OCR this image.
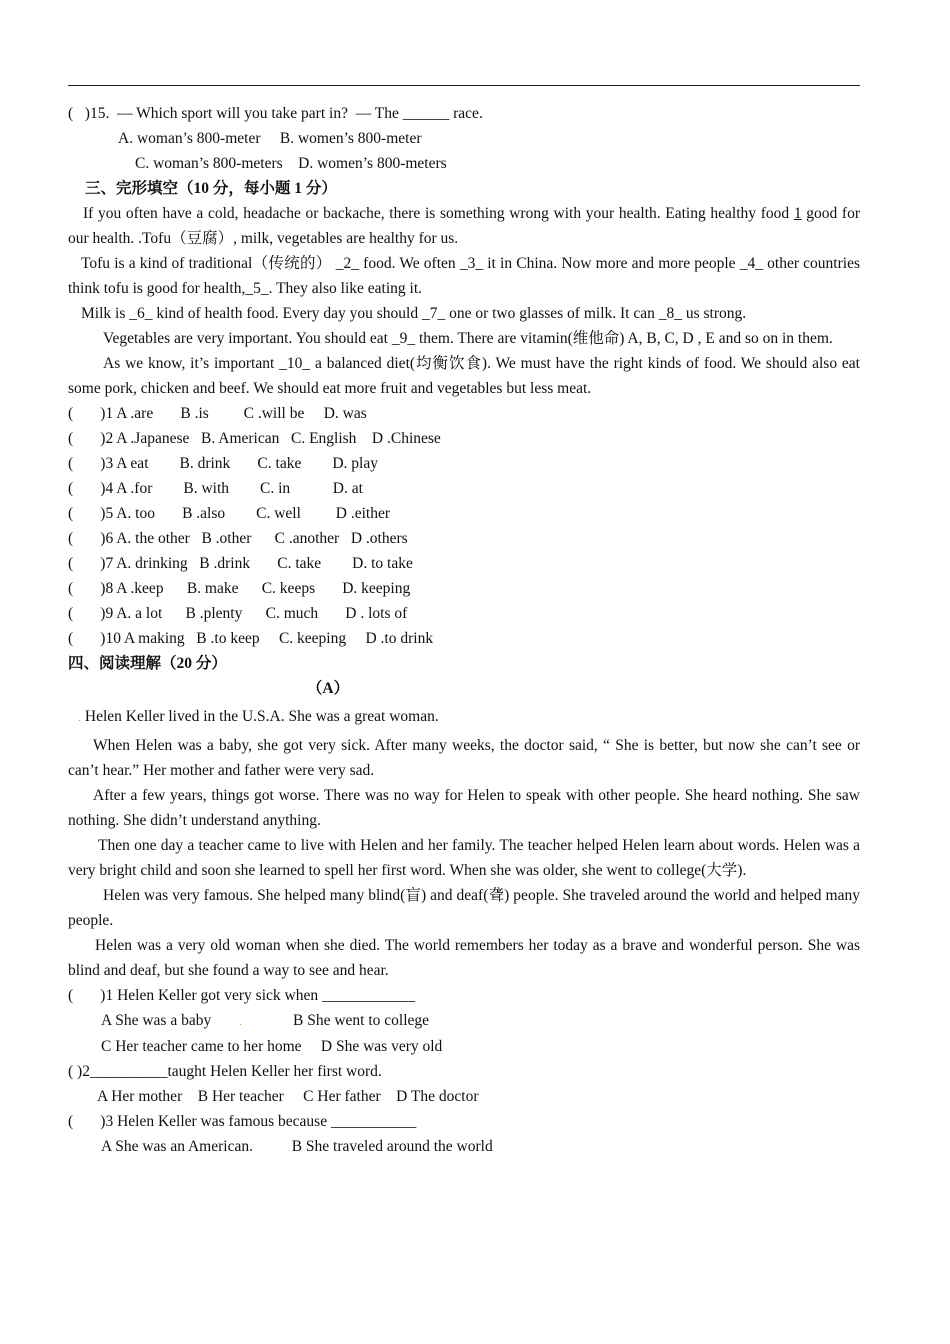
(   )15.  — Which sport will you take part in?  — The ______ race.
A. woman’s 800-meter     B. women’s 800-meter
C. woman’s 800-meters    D. women’s 800-meters
三、完形填空（10 分，每小题 1 分）
If you often have a cold, headache or backache, there is something wrong with your health. Eating healthy food 1 good for our health. .Tofu（豆腐）, milk, vegetables are healthy for us.
Tofu is a kind of traditional（传统的） _2_ food. We often _3_ it in China. Now more and more people _4_ other countries think tofu is good for health,_5_. They also like eating it.
Milk is _6_ kind of health food. Every day you should _7_ one or two glasses of milk. It can _8_ us strong.
Vegetables are very important. You should eat _9_ them. There are vitamin(维他命) A, B, C, D , E and so on in them.
As we know, it’s important _10_ a balanced diet(均衡饮食). We must have the right kinds of food. We should also eat some pork, chicken and beef. We should eat more fruit and vegetables but less meat.
(       )1 A .are       B .is         C .will be     D. was
(       )2 A .Japanese   B. American   C. English    D .Chinese
(       )3 A eat        B. drink       C. take        D. play
(       )4 A .for        B. with        C. in           D. at
(       )5 A. too       B .also        C. well         D .either
(       )6 A. the other   B .other      C .another   D .others
(       )7 A. drinking   B .drink       C. take        D. to take
(       )8 A .keep      B. make      C. keeps       D. keeping
(       )9 A. a lot      B .plenty      C. much       D . lots of
(       )10 A making   B .to keep     C. keeping     D .to drink
四、阅读理解（20 分）
（A）
. Helen Keller lived in the U.S.A. She was a great woman.
When Helen was a baby, she got very sick. After many weeks, the doctor said, “ She is better, but now she can’t see or can’t hear.” Her mother and father were very sad.
After a few years, things got worse. There was no way for Helen to speak with other people. She heard nothing. She saw nothing. She didn’t understand anything.
Then one day a teacher came to live with Helen and her family. The teacher helped Helen learn about words. Helen was a very bright child and soon she learned to spell her first word. When she was older, she went to college(大学).
Helen was very famous. She helped many blind(盲) and deaf(聋) people. She traveled around the world and helped many people.
Helen was a very old woman when she died. The world remembers her today as a brave and wonderful person. She was blind and deaf, but she found a way to see and hear.
(       )1 Helen Keller got very sick when ____________
A She was a baby .	B She went to college
C Her teacher came to her home     D She was very old
( )2__________taught Helen Keller her first word.
A Her mother    B Her teacher     C Her father    D The doctor
(       )3 Helen Keller was famous because ___________
A She was an American.          B She traveled around the world
